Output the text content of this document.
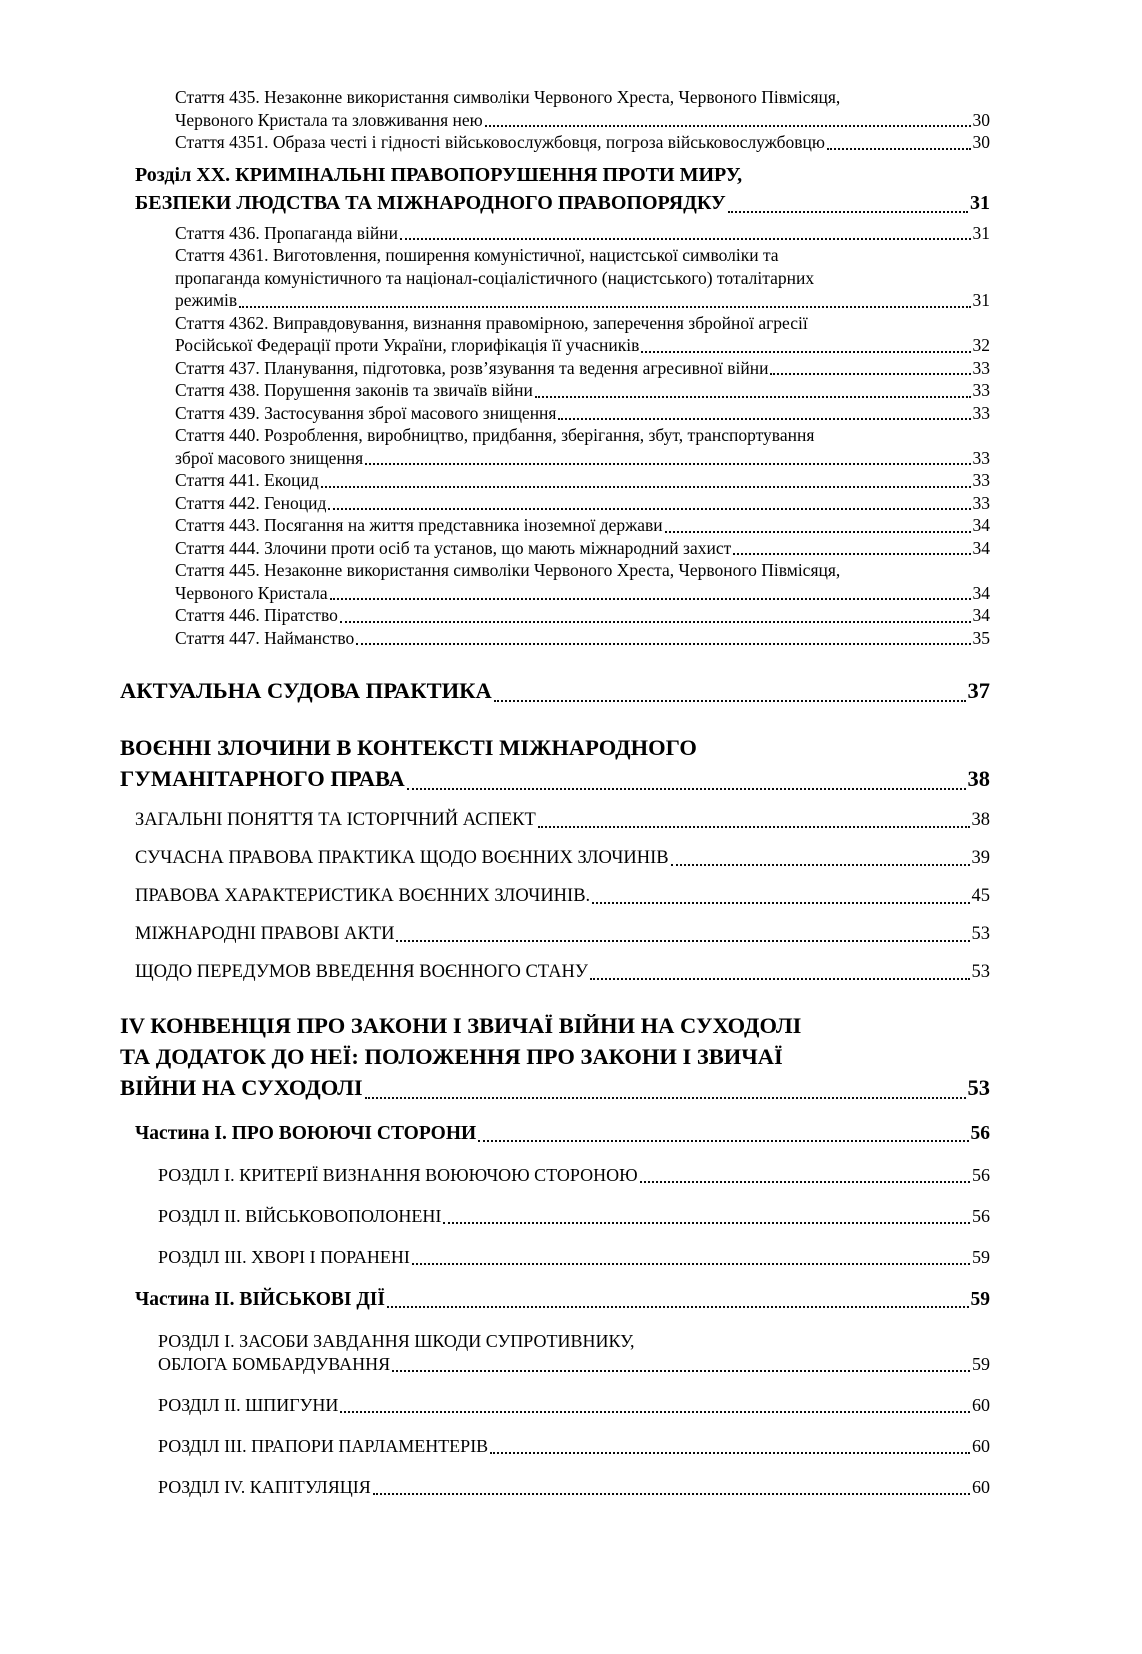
Стаття 435. Незаконне використання символіки Червоного Хреста, Червоного Півмісяця,
Червоного Кристала та зловживання нею	30
Стаття 4351. Образа честі і гідності військовослужбовця, погроза військовослужбовцю	30
Розділ XX. КРИМІНАЛЬНІ ПРАВОПОРУШЕННЯ ПРОТИ МИРУ,
БЕЗПЕКИ ЛЮДСТВА ТА МІЖНАРОДНОГО ПРАВОПОРЯДКУ	31
Стаття 436. Пропаганда війни	31
Стаття 4361. Виготовлення, поширення комуністичної, нацистської символіки та
пропаганда комуністичного та націонал-соціалістичного (нацистського) тоталітарних
режимів	31
Стаття 4362. Виправдовування, визнання правомірною, заперечення збройної агресії
Російської Федерації проти України, глорифікація її учасників	32
Стаття 437. Планування, підготовка, розв’язування та ведення агресивної війни	33
Стаття 438. Порушення законів та звичаїв війни	33
Стаття 439. Застосування зброї масового знищення	33
Стаття 440. Розроблення, виробництво, придбання, зберігання, збут, транспортування
зброї масового знищення	33
Стаття 441. Екоцид	33
Стаття 442. Геноцид	33
Стаття 443. Посягання на життя представника іноземної держави	34
Стаття 444. Злочини проти осіб та установ, що мають міжнародний захист	34
Стаття 445. Незаконне використання символіки Червоного Хреста, Червоного Півмісяця,
Червоного Кристала	34
Стаття 446. Піратство	34
Стаття 447. Найманство	35
АКТУАЛЬНА СУДОВА ПРАКТИКА	37
ВОЄННІ ЗЛОЧИНИ В КОНТЕКСТІ МІЖНАРОДНОГО
ГУМАНІТАРНОГО ПРАВА	38
ЗАГАЛЬНІ ПОНЯТТЯ ТА ІСТОРІЧНИЙ АСПЕКТ	38
СУЧАСНА ПРАВОВА ПРАКТИКА ЩОДО ВОЄННИХ ЗЛОЧИНІВ	39
ПРАВОВА ХАРАКТЕРИСТИКА ВОЄННИХ ЗЛОЧИНІВ.	45
МІЖНАРОДНІ ПРАВОВІ АКТИ	53
ЩОДО ПЕРЕДУМОВ ВВЕДЕННЯ ВОЄННОГО СТАНУ	53
IV КОНВЕНЦІЯ ПРО ЗАКОНИ І ЗВИЧАЇ ВІЙНИ НА СУХОДОЛІ
ТА ДОДАТОК ДО НЕЇ: ПОЛОЖЕННЯ ПРО ЗАКОНИ І ЗВИЧАЇ
ВІЙНИ НА СУХОДОЛІ	53
Частина I. ПРО ВОЮЮЧІ СТОРОНИ	56
РОЗДІЛ I. КРИТЕРІЇ ВИЗНАННЯ ВОЮЮЧОЮ СТОРОНОЮ	56
РОЗДІЛ II. ВІЙСЬКОВОПОЛОНЕНІ	56
РОЗДІЛ III. ХВОРІ І ПОРАНЕНІ	59
Частина II. ВІЙСЬКОВІ ДІЇ	59
РОЗДІЛ I. ЗАСОБИ ЗАВДАННЯ ШКОДИ СУПРОТИВНИКУ,
ОБЛОГА БОМБАРДУВАННЯ	59
РОЗДІЛ II. ШПИГУНИ	60
РОЗДІЛ III. ПРАПОРИ ПАРЛАМЕНТЕРІВ	60
РОЗДІЛ IV. КАПІТУЛЯЦІЯ	60
